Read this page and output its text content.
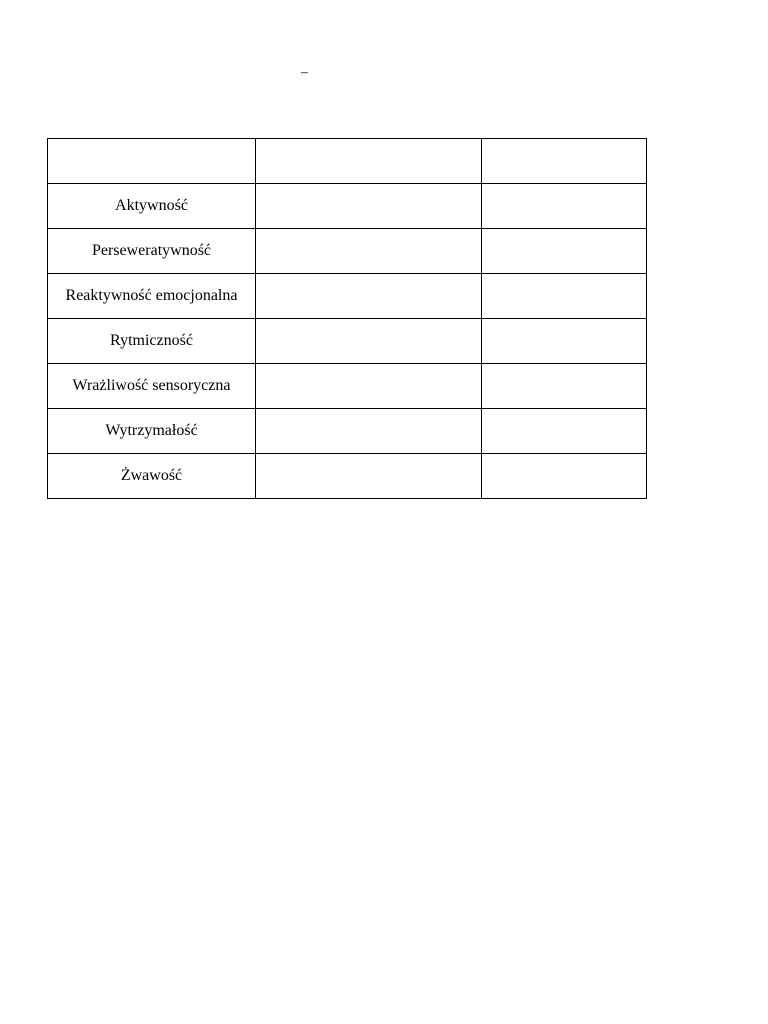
–

Aktywność		
Perseweratywność		
Reaktywność emocjonalna		
Rytmiczność		
Wrażliwość sensoryczna		
Wytrzymałość		
Żwawość		
